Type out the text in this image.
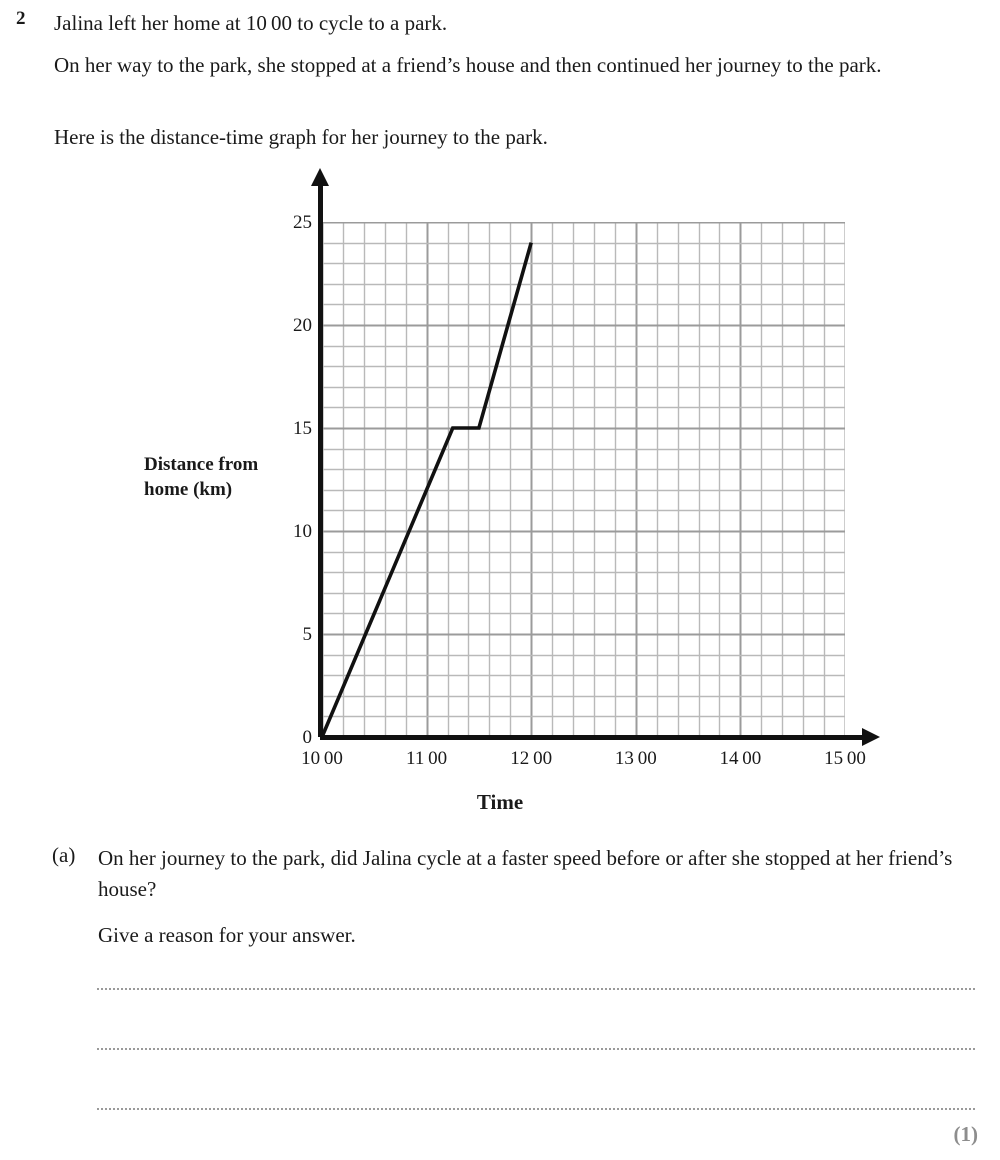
2 Jalina left her home at 10 00 to cycle to a park.
On her way to the park, she stopped at a friend’s house and then continued her journey to the park.
Here is the distance-time graph for her journey to the park.
Distance from
home (km)
0
5
10
15
20
25
10 00	11 00	12 00	13 00	14 00	15 00
Time
(a) On her journey to the park, did Jalina cycle at a faster speed before or after she stopped at her friend’s house?
Give a reason for your answer.
(1)
